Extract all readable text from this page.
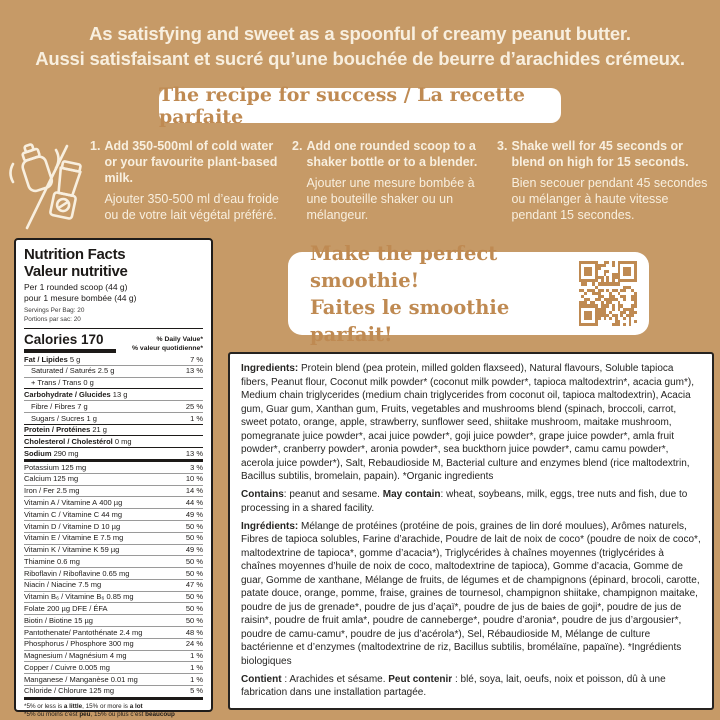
As satisfying and sweet as a spoonful of creamy peanut butter.
Aussi satisfaisant et sucré qu’une bouchée de beurre d’arachides crémeux.
The recipe for success / La recette parfaite
1. Add 350-500ml of cold water or your favourite plant-based milk.
Ajouter 350-500 ml d’eau froide ou de votre lait végétal préféré.
2. Add one rounded scoop to a shaker bottle or to a blender.
Ajouter une mesure bombée à une bouteille shaker ou un mélangeur.
3. Shake well for 45 seconds or blend on high for 15 seconds.
Bien secouer pendant 45 secondes ou mélanger à haute vitesse pendant 15 secondes.
Make the perfect smoothie!
Faites le smoothie parfait!
Nutrition Facts
Valeur nutritive
Per 1 rounded scoop (44 g)
pour 1 mesure bombée (44 g)
Servings Per Bag: 20
Portions par sac: 20
Calories 170	% Daily Value*
% valeur quotidienne*
Fat / Lipides 5 g	7 %
Saturated / Saturés 2.5 g	13 %
+ Trans / Trans 0 g
Carbohydrate / Glucides 13 g
Fibre / Fibres 7 g	25 %
Sugars / Sucres 1 g	1 %
Protein / Protéines 21 g
Cholesterol / Cholestérol 0 mg
Sodium 290 mg	13 %
Potassium 125 mg	3 %
Calcium 125 mg	10 %
Iron / Fer 2.5 mg	14 %
Vitamin A / Vitamine A 400 µg	44 %
Vitamin C / Vitamine C 44 mg	49 %
Vitamin D / Vitamine D 10 µg	50 %
Vitamin E / Vitamine E 7.5 mg	50 %
Vitamin K / Vitamine K 59 µg	49 %
Thiamine 0.6 mg	50 %
Riboflavin / Riboflavine 0.65 mg	50 %
Niacin / Niacine 7.5 mg	47 %
Vitamin B₆ / Vitamine B₆ 0.85 mg	50 %
Folate 200 µg DFE / ÉFA	50 %
Biotin / Biotine 15 µg	50 %
Pantothenate/ Pantothénate 2.4 mg	48 %
Phosphorus / Phosphore 300 mg	24 %
Magnesium / Magnésium 4 mg	1 %
Copper / Cuivre 0.005 mg	1 %
Manganese / Manganèse 0.01 mg	1 %
Chloride / Chlorure 125 mg	5 %
*5% or less is a little, 15% or more is a lot
*5% ou moins c’est peu, 15% ou plus c’est beaucoup

Ingredients: Protein blend (pea protein, milled golden flaxseed), Natural flavours, Soluble tapioca fibers, Peanut flour, Coconut milk powder* (coconut milk powder*, tapioca maltodextrin*, acacia gum*), Medium chain triglycerides (medium chain triglycerides from coconut oil, tapioca maltodextrin), Acacia gum, Guar gum, Xanthan gum, Fruits, vegetables and mushrooms blend (spinach, broccoli, carrot, sweet potato, orange, apple, strawberry, sunflower seed, shiitake mushroom, maitake mushroom, pomegranate juice powder*, acai juice powder*, goji juice powder*, grape juice powder*, amla fruit powder*, cranberry powder*, aronia powder*, sea buckthorn juice powder*, camu camu powder*, acerola juice powder*), Salt, Rebaudioside M, Bacterial culture and enzymes blend (rice maltodextrin, Bacillus subtilis, bromelain, papain). *Organic ingredients

Contains: peanut and sesame. May contain: wheat, soybeans, milk, eggs, tree nuts and fish, due to processing in a shared facility.

Ingrédients: Mélange de protéines (protéine de pois, graines de lin doré moulues), Arômes naturels, Fibres de tapioca solubles, Farine d’arachide, Poudre de lait de noix de coco* (poudre de noix de coco*, maltodextrine de tapioca*, gomme d’acacia*), Triglycérides à chaînes moyennes (triglycérides à chaînes moyennes d’huile de noix de coco, maltodextrine de tapioca), Gomme d’acacia, Gomme de guar, Gomme de xanthane, Mélange de fruits, de légumes et de champignons (épinard, brocoli, carotte, patate douce, orange, pomme, fraise, graines de tournesol, champignon shiitake, champignon maitake, poudre de jus de grenade*, poudre de jus d’açaï*, poudre de jus de baies de goji*, poudre de jus de raisin*, poudre de fruit amla*, poudre de canneberge*, poudre d’aronia*, poudre de jus d’argousier*, poudre de camu-camu*, poudre de jus d’acérola*), Sel, Rébaudioside M, Mélange de culture bactérienne et d’enzymes (maltodextrine de riz, Bacillus subtilis, bromélaïne, papaïne). *Ingrédients biologiques

Contient : Arachides et sésame. Peut contenir : blé, soya, lait, oeufs, noix et poisson, dû à une fabrication dans une installation partagée.
